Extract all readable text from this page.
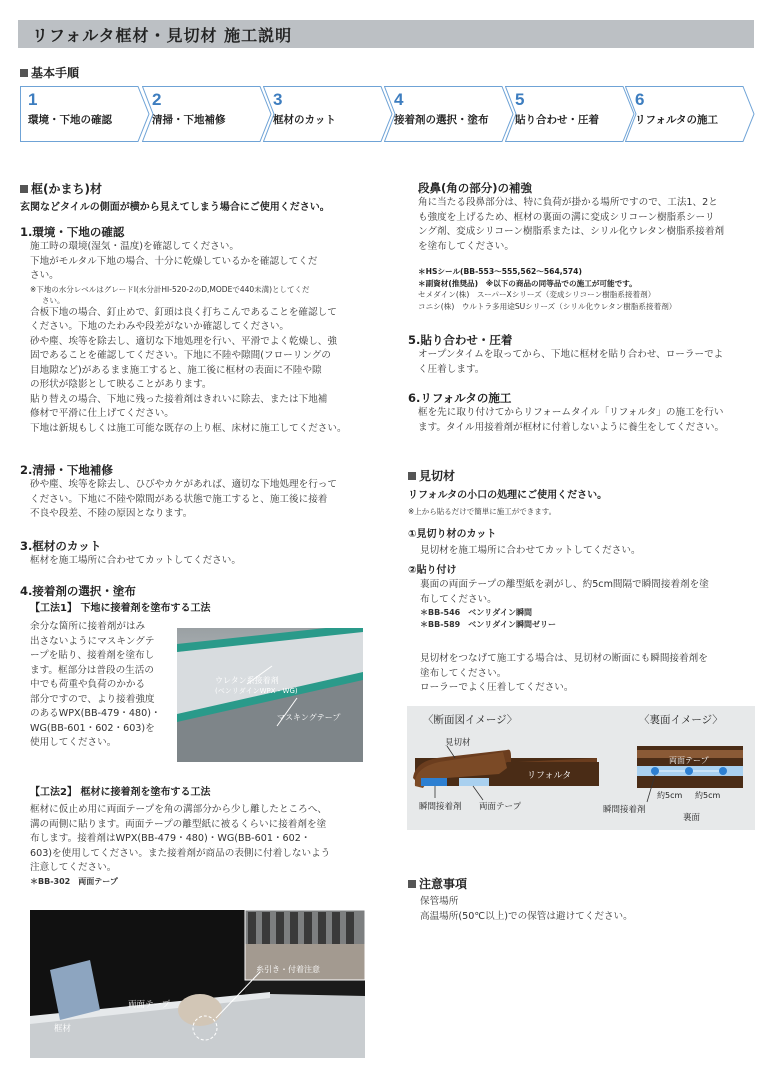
リフォルタ框材・見切材 施工説明
基本手順
1
環境・下地の確認
2
清掃・下地補修
3
框材のカット
4
接着剤の選択・塗布
5
貼り合わせ・圧着
6
リフォルタの施工
框(かまち)材
玄関などタイルの側面が横から見えてしまう場合にご使用ください。
1.環境・下地の確認
施工時の環境(湿気・温度)を確認してください。
下地がモルタル下地の場合、十分に乾燥しているかを確認してくだ
さい。
※下地の水分レベルはグレードⅠ(水分計HI-520-2のD,MODEで440未満)としてくだ
さい。
合板下地の場合、釘止めで、釘頭は良く打ちこんであることを確認して
ください。下地のたわみや段差がないか確認してください。
砂や塵、埃等を除去し、適切な下地処理を行い、平滑でよく乾燥し、強
固であることを確認してください。下地に不陸や隙間(フローリングの
目地隙など)があるまま施工すると、施工後に框材の表面に不陸や隙
の形状が陰影として映ることがあります。
貼り替えの場合、下地に残った接着剤はきれいに除去、または下地補
修材で平滑に仕上げてください。
下地は新規もしくは施工可能な既存の上り框、床材に施工してください。
2.清掃・下地補修
砂や塵、埃等を除去し、ひびやカケがあれば、適切な下地処理を行って
ください。下地に不陸や隙間がある状態で施工すると、施工後に接着
不良や段差、不陸の原因となります。
3.框材のカット
框材を施工場所に合わせてカットしてください。
4.接着剤の選択・塗布
【工法1】 下地に接着剤を塗布する工法
余分な箇所に接着剤がはみ
出さないようにマスキングテ
ープを貼り、接着剤を塗布し
ます。框部分は普段の生活の
中でも荷重や負荷のかかる
部分ですので、より接着強度
のあるWPX(BB-479・480)・
WG(BB-601・602・603)を
使用してください。
ウレタン系接着剤
(ベンリダインWPX・WG)
マスキングテープ
【工法2】 框材に接着剤を塗布する工法
框材に仮止め用に両面テープを角の溝部分から少し離したところへ、
溝の両側に貼ります。両面テープの離型紙に被るくらいに接着剤を塗
布します。接着剤はWPX(BB-479・480)・WG(BB-601・602・
603)を使用してください。また接着剤が商品の表側に付着しないよう
注意してください。
＊BB-302　両面テープ
両面テープ
框材
糸引き・付着注意
段鼻(角の部分)の補強
角に当たる段鼻部分は、特に負荷が掛かる場所ですので、工法1、2と
も強度を上げるため、框材の裏面の溝に変成シリコーン樹脂系シーリ
ング剤、変成シリコーン樹脂系または、シリル化ウレタン樹脂系接着剤
を塗布してください。
＊HSシール(BB-553～555,562～564,574)
＊副資材(推奨品)　※以下の商品の同等品での施工が可能です。
セメダイン(株)　スーパーXシリーズ（変成シリコーン樹脂系接着剤）
コニシ(株)　ウルトラ多用途SUシリーズ（シリル化ウレタン樹脂系接着剤）
5.貼り合わせ・圧着
オープンタイムを取ってから、下地に框材を貼り合わせ、ローラーでよ
く圧着します。
6.リフォルタの施工
框を先に取り付けてからリフォームタイル「リフォルタ」の施工を行い
ます。タイル用接着剤が框材に付着しないように養生をしてください。
見切材
リフォルタの小口の処理にご使用ください。
※上から貼るだけで簡単に施工ができます。
①見切り材のカット
見切材を施工場所に合わせてカットしてください。
②貼り付け
裏面の両面テープの離型紙を剥がし、約5cm間隔で瞬間接着剤を塗
布してください。
＊BB-546　ベンリダイン瞬間
＊BB-589　ベンリダイン瞬間ゼリー
見切材をつなげて施工する場合は、見切材の断面にも瞬間接着剤を
塗布してください。
ローラーでよく圧着してください。
〈断面図イメージ〉	〈裏面イメージ〉
見切材
リフォルタ
瞬間接着剤 両面テープ
両面テープ
約5cm 約5cm
瞬間接着剤
裏面
注意事項
保管場所
高温場所(50℃以上)での保管は避けてください。
